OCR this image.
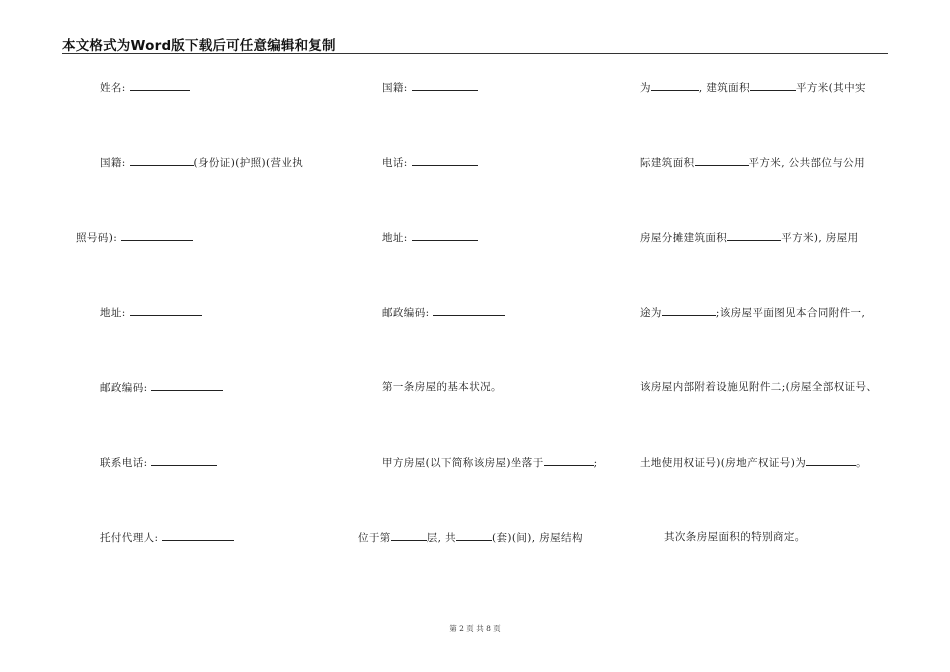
本文格式为Word版下载后可任意编辑和复制
姓名:
国籍:	(身份证)(护照)(营业执
照号码):
地址:
邮政编码:
联系电话:
托付代理人:
国籍:
电话:
地址:
邮政编码:
第一条房屋的基本状况。
甲方房屋(以下简称该房屋)坐落于	;
位于第	层, 共	(套)(间), 房屋结构
为	, 建筑面积	平方米(其中实
际建筑面积	平方米, 公共部位与公用
房屋分摊建筑面积	平方米), 房屋用
途为	;该房屋平面图见本合同附件一,
该房屋内部附着设施见附件二;(房屋全部权证号、
土地使用权证号)(房地产权证号)为	。
其次条房屋面积的特别商定。
第 2 页 共 8 页
